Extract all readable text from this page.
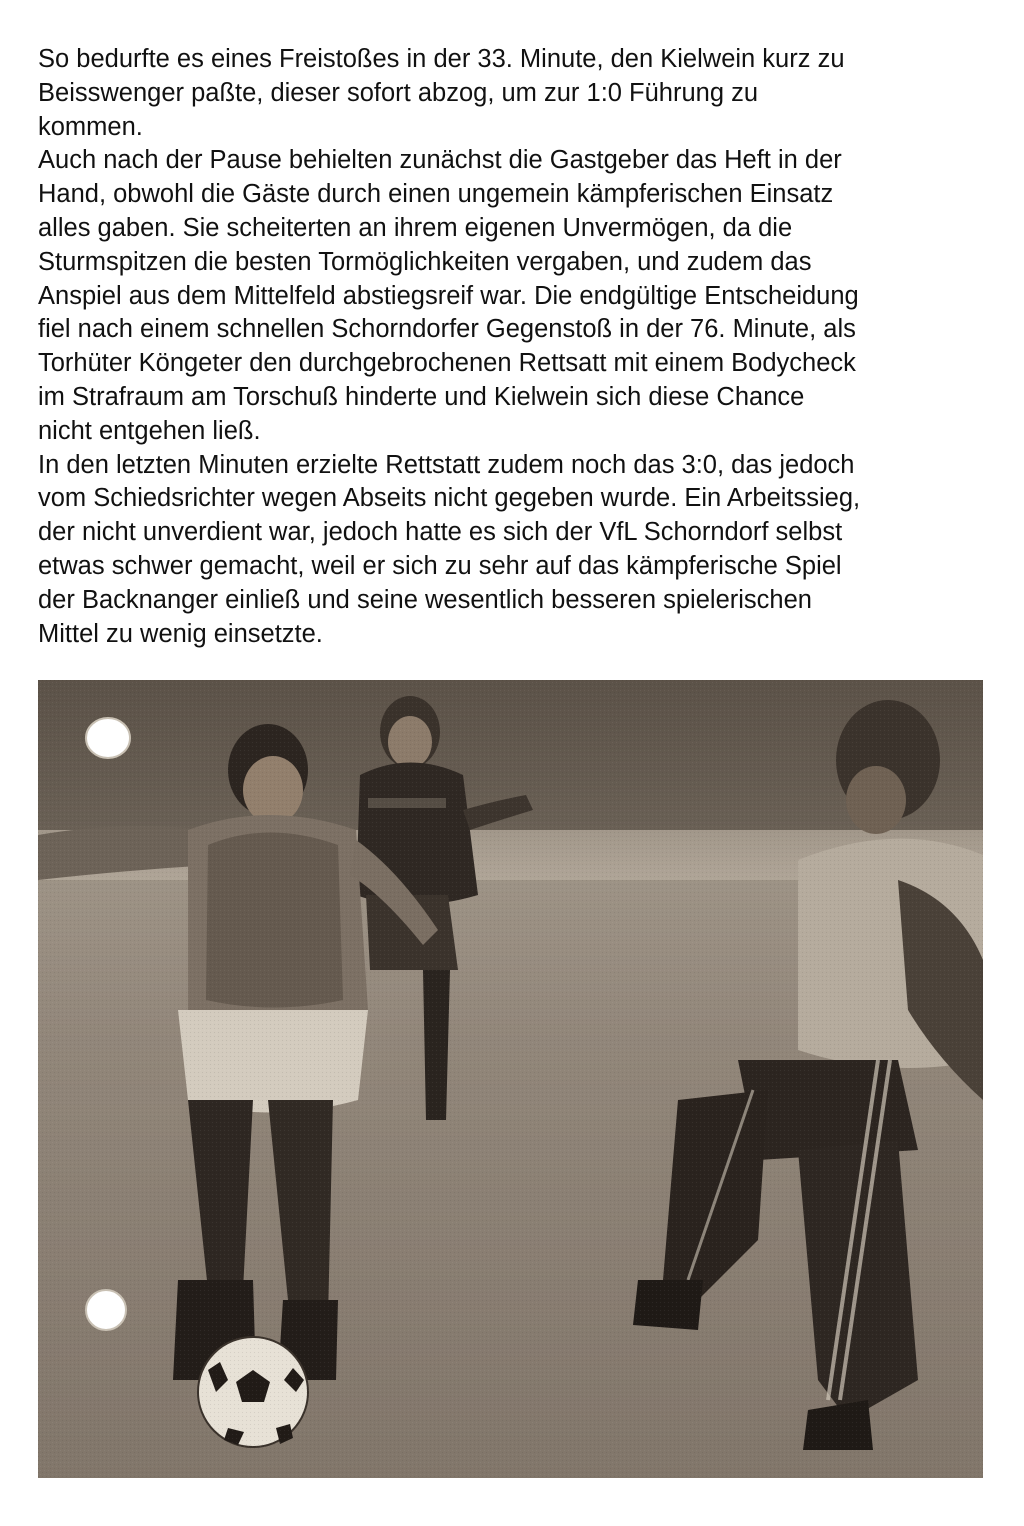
So bedurfte es eines Freistoßes in der 33. Minute, den Kielwein kurz zu
Beisswenger paßte, dieser sofort abzog, um zur 1:0 Führung zu
kommen.
Auch nach der Pause behielten zunächst die Gastgeber das Heft in der
Hand, obwohl die Gäste durch einen ungemein kämpferischen Einsatz
alles gaben. Sie scheiterten an ihrem eigenen Unvermögen, da die
Sturmspitzen die besten Tormöglichkeiten vergaben, und zudem das
Anspiel aus dem Mittelfeld abstiegsreif war. Die endgültige Entscheidung
fiel nach einem schnellen Schorndorfer Gegenstoß in der 76. Minute, als
Torhüter Köngeter den durchgebrochenen Rettsatt mit einem Bodycheck
im Strafraum am Torschuß hinderte und Kielwein sich diese Chance
nicht entgehen ließ.
In den letzten Minuten erzielte Rettstatt zudem noch das 3:0, das jedoch
vom Schiedsrichter wegen Abseits nicht gegeben wurde. Ein Arbeitssieg,
der nicht unverdient war, jedoch hatte es sich der VfL Schorndorf selbst
etwas schwer gemacht, weil er sich zu sehr auf das kämpferische Spiel
der Backnanger einließ und seine wesentlich besseren spielerischen
Mittel zu wenig einsetzte.
